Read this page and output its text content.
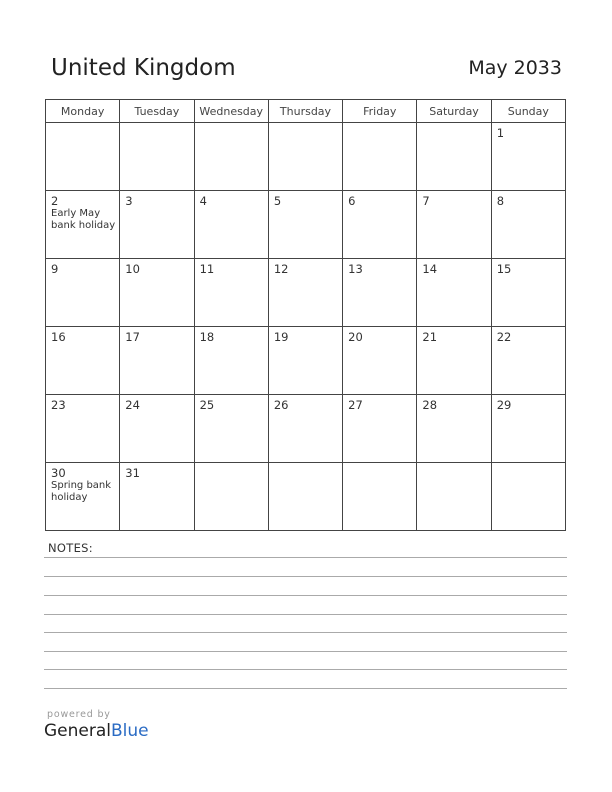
United Kingdom	May 2033
Monday	Tuesday	Wednesday	Thursday	Friday	Saturday	Sunday

						1

2
Early May bank holiday	3	4	5	6	7	8

9	10	11	12	13	14	15

16	17	18	19	20	21	22

23	24	25	26	27	28	29

30
Spring bank holiday	31					

NOTES:
powered by
GeneralBlue
